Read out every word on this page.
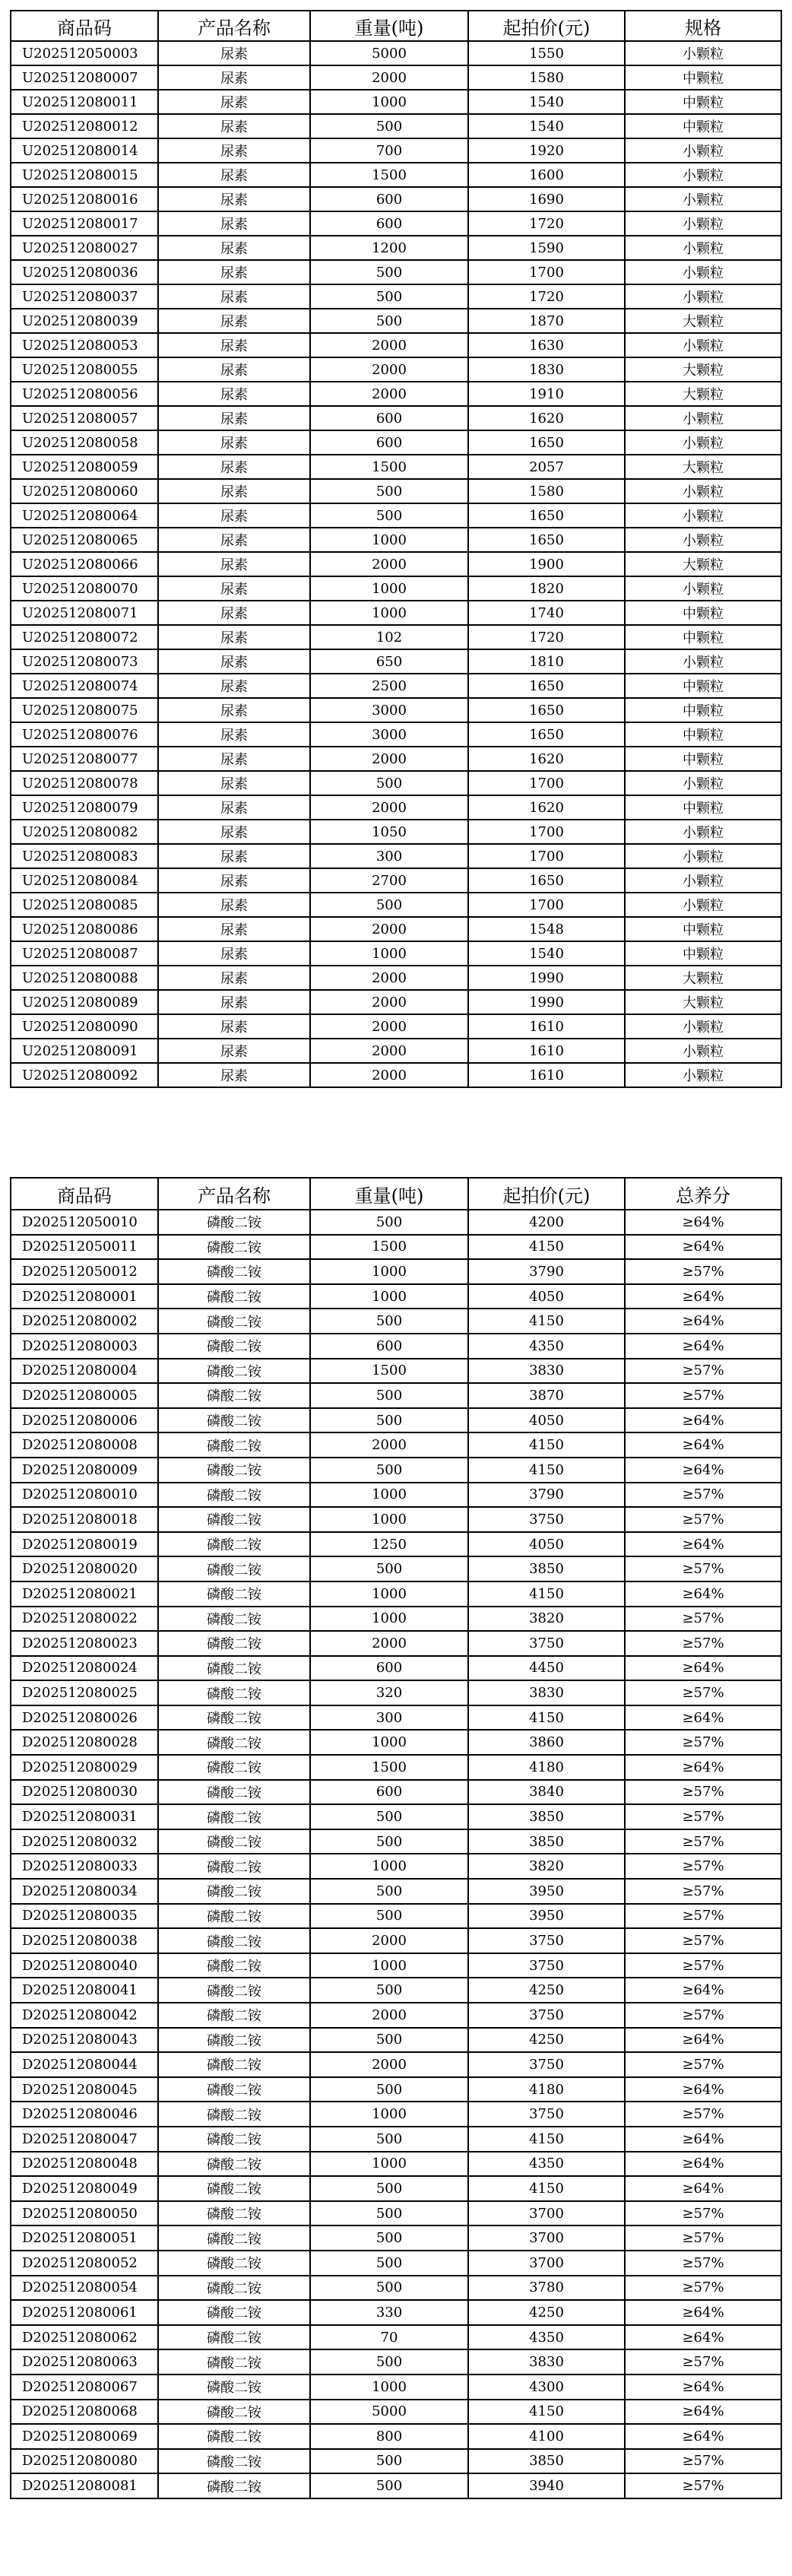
商品码	产品名称	重量(吨)	起拍价(元)	规格
U202512050003	尿素	5000	1550	小颗粒
U202512080007	尿素	2000	1580	中颗粒
U202512080011	尿素	1000	1540	中颗粒
U202512080012	尿素	500	1540	中颗粒
U202512080014	尿素	700	1920	小颗粒
U202512080015	尿素	1500	1600	小颗粒
U202512080016	尿素	600	1690	小颗粒
U202512080017	尿素	600	1720	小颗粒
U202512080027	尿素	1200	1590	小颗粒
U202512080036	尿素	500	1700	小颗粒
U202512080037	尿素	500	1720	小颗粒
U202512080039	尿素	500	1870	大颗粒
U202512080053	尿素	2000	1630	小颗粒
U202512080055	尿素	2000	1830	大颗粒
U202512080056	尿素	2000	1910	大颗粒
U202512080057	尿素	600	1620	小颗粒
U202512080058	尿素	600	1650	小颗粒
U202512080059	尿素	1500	2057	大颗粒
U202512080060	尿素	500	1580	小颗粒
U202512080064	尿素	500	1650	小颗粒
U202512080065	尿素	1000	1650	小颗粒
U202512080066	尿素	2000	1900	大颗粒
U202512080070	尿素	1000	1820	小颗粒
U202512080071	尿素	1000	1740	中颗粒
U202512080072	尿素	102	1720	中颗粒
U202512080073	尿素	650	1810	小颗粒
U202512080074	尿素	2500	1650	中颗粒
U202512080075	尿素	3000	1650	中颗粒
U202512080076	尿素	3000	1650	中颗粒
U202512080077	尿素	2000	1620	中颗粒
U202512080078	尿素	500	1700	小颗粒
U202512080079	尿素	2000	1620	中颗粒
U202512080082	尿素	1050	1700	小颗粒
U202512080083	尿素	300	1700	小颗粒
U202512080084	尿素	2700	1650	小颗粒
U202512080085	尿素	500	1700	小颗粒
U202512080086	尿素	2000	1548	中颗粒
U202512080087	尿素	1000	1540	中颗粒
U202512080088	尿素	2000	1990	大颗粒
U202512080089	尿素	2000	1990	大颗粒
U202512080090	尿素	2000	1610	小颗粒
U202512080091	尿素	2000	1610	小颗粒
U202512080092	尿素	2000	1610	小颗粒
商品码	产品名称	重量(吨)	起拍价(元)	总养分
D202512050010	磷酸二铵	500	4200	≥64%
D202512050011	磷酸二铵	1500	4150	≥64%
D202512050012	磷酸二铵	1000	3790	≥57%
D202512080001	磷酸二铵	1000	4050	≥64%
D202512080002	磷酸二铵	500	4150	≥64%
D202512080003	磷酸二铵	600	4350	≥64%
D202512080004	磷酸二铵	1500	3830	≥57%
D202512080005	磷酸二铵	500	3870	≥57%
D202512080006	磷酸二铵	500	4050	≥64%
D202512080008	磷酸二铵	2000	4150	≥64%
D202512080009	磷酸二铵	500	4150	≥64%
D202512080010	磷酸二铵	1000	3790	≥57%
D202512080018	磷酸二铵	1000	3750	≥57%
D202512080019	磷酸二铵	1250	4050	≥64%
D202512080020	磷酸二铵	500	3850	≥57%
D202512080021	磷酸二铵	1000	4150	≥64%
D202512080022	磷酸二铵	1000	3820	≥57%
D202512080023	磷酸二铵	2000	3750	≥57%
D202512080024	磷酸二铵	600	4450	≥64%
D202512080025	磷酸二铵	320	3830	≥57%
D202512080026	磷酸二铵	300	4150	≥64%
D202512080028	磷酸二铵	1000	3860	≥57%
D202512080029	磷酸二铵	1500	4180	≥64%
D202512080030	磷酸二铵	600	3840	≥57%
D202512080031	磷酸二铵	500	3850	≥57%
D202512080032	磷酸二铵	500	3850	≥57%
D202512080033	磷酸二铵	1000	3820	≥57%
D202512080034	磷酸二铵	500	3950	≥57%
D202512080035	磷酸二铵	500	3950	≥57%
D202512080038	磷酸二铵	2000	3750	≥57%
D202512080040	磷酸二铵	1000	3750	≥57%
D202512080041	磷酸二铵	500	4250	≥64%
D202512080042	磷酸二铵	2000	3750	≥57%
D202512080043	磷酸二铵	500	4250	≥64%
D202512080044	磷酸二铵	2000	3750	≥57%
D202512080045	磷酸二铵	500	4180	≥64%
D202512080046	磷酸二铵	1000	3750	≥57%
D202512080047	磷酸二铵	500	4150	≥64%
D202512080048	磷酸二铵	1000	4350	≥64%
D202512080049	磷酸二铵	500	4150	≥64%
D202512080050	磷酸二铵	500	3700	≥57%
D202512080051	磷酸二铵	500	3700	≥57%
D202512080052	磷酸二铵	500	3700	≥57%
D202512080054	磷酸二铵	500	3780	≥57%
D202512080061	磷酸二铵	330	4250	≥64%
D202512080062	磷酸二铵	70	4350	≥64%
D202512080063	磷酸二铵	500	3830	≥57%
D202512080067	磷酸二铵	1000	4300	≥64%
D202512080068	磷酸二铵	5000	4150	≥64%
D202512080069	磷酸二铵	800	4100	≥64%
D202512080080	磷酸二铵	500	3850	≥57%
D202512080081	磷酸二铵	500	3940	≥57%
